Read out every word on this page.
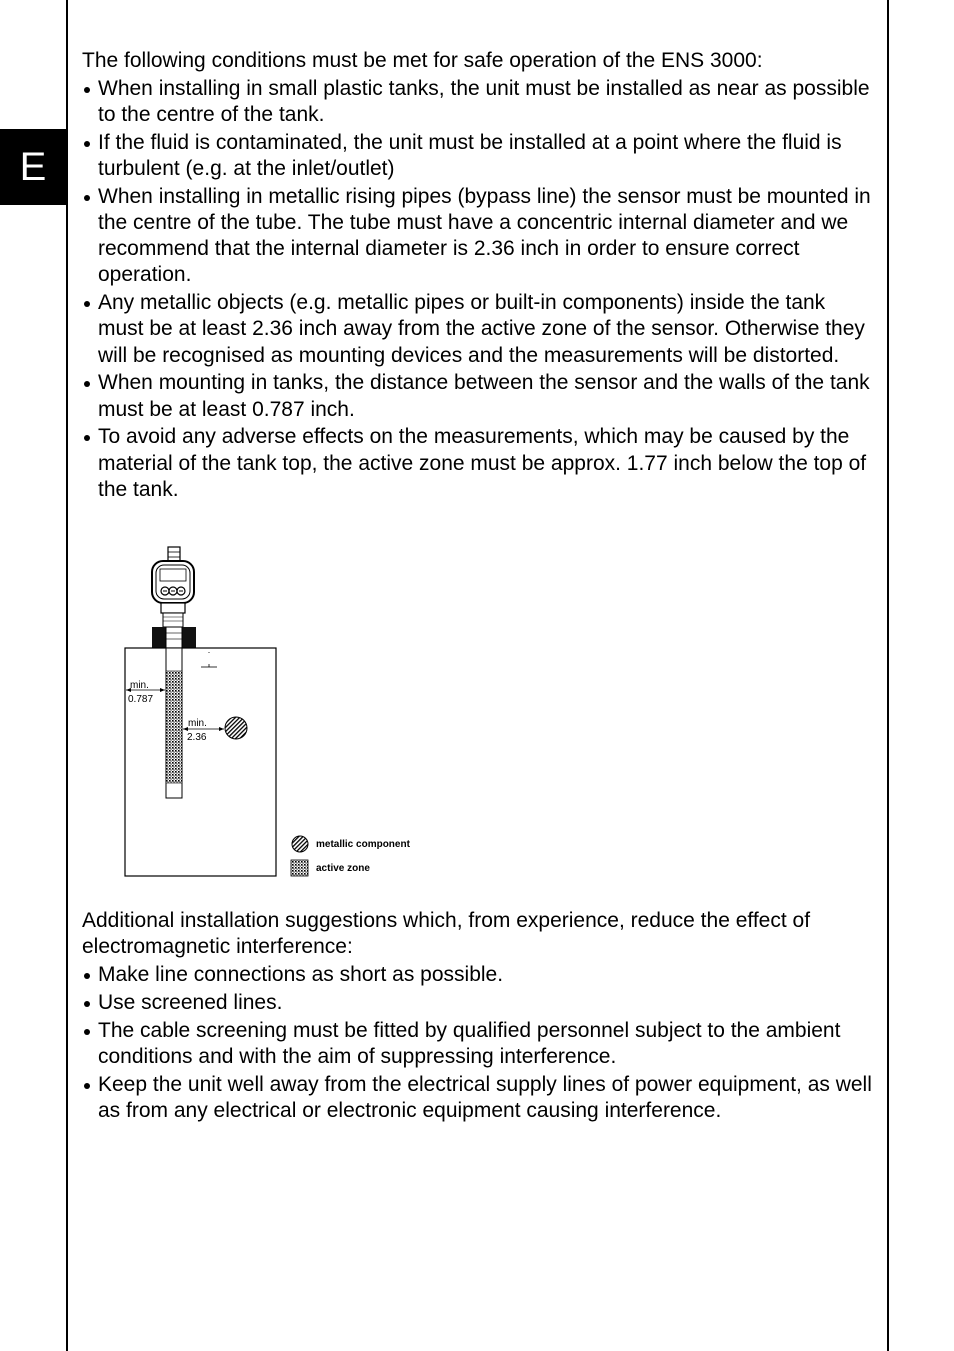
E

The following conditions must be met for safe operation of the ENS 3000:

When installing in small plastic tanks, the unit must be installed as near as possible to the centre of the tank.
If the fluid is contaminated, the unit must be installed at a point where the fluid is turbulent (e.g. at the inlet/outlet)
When installing in metallic rising pipes (bypass line) the sensor must be mounted in the centre of the tube. The tube must have a concentric internal diameter and we recommend that the internal diameter is 2.36 inch in order to ensure correct operation.
Any metallic objects (e.g. metallic pipes or built-in components) inside the tank must be at least 2.36 inch away from the active zone of the sensor. Otherwise they will be recognised as mounting devices and the measurements will be distorted.
When mounting in tanks, the distance between the sensor and the walls of the tank must be at least 0.787 inch.
To avoid any adverse effects on the measurements, which may be caused by the material of the tank top, the active zone must be approx. 1.77 inch below the top of the tank.
min.
0.787
min.
2.36
metallic component
active zone

Additional installation suggestions which, from experience, reduce the effect of electromagnetic interference:

Make line connections as short as possible.
Use screened lines.
The cable screening must be fitted by qualified personnel subject to the ambient conditions and with the aim of suppressing interference.
Keep the unit well away from the electrical supply lines of power equipment, as well as from any electrical or electronic equipment causing interference.
